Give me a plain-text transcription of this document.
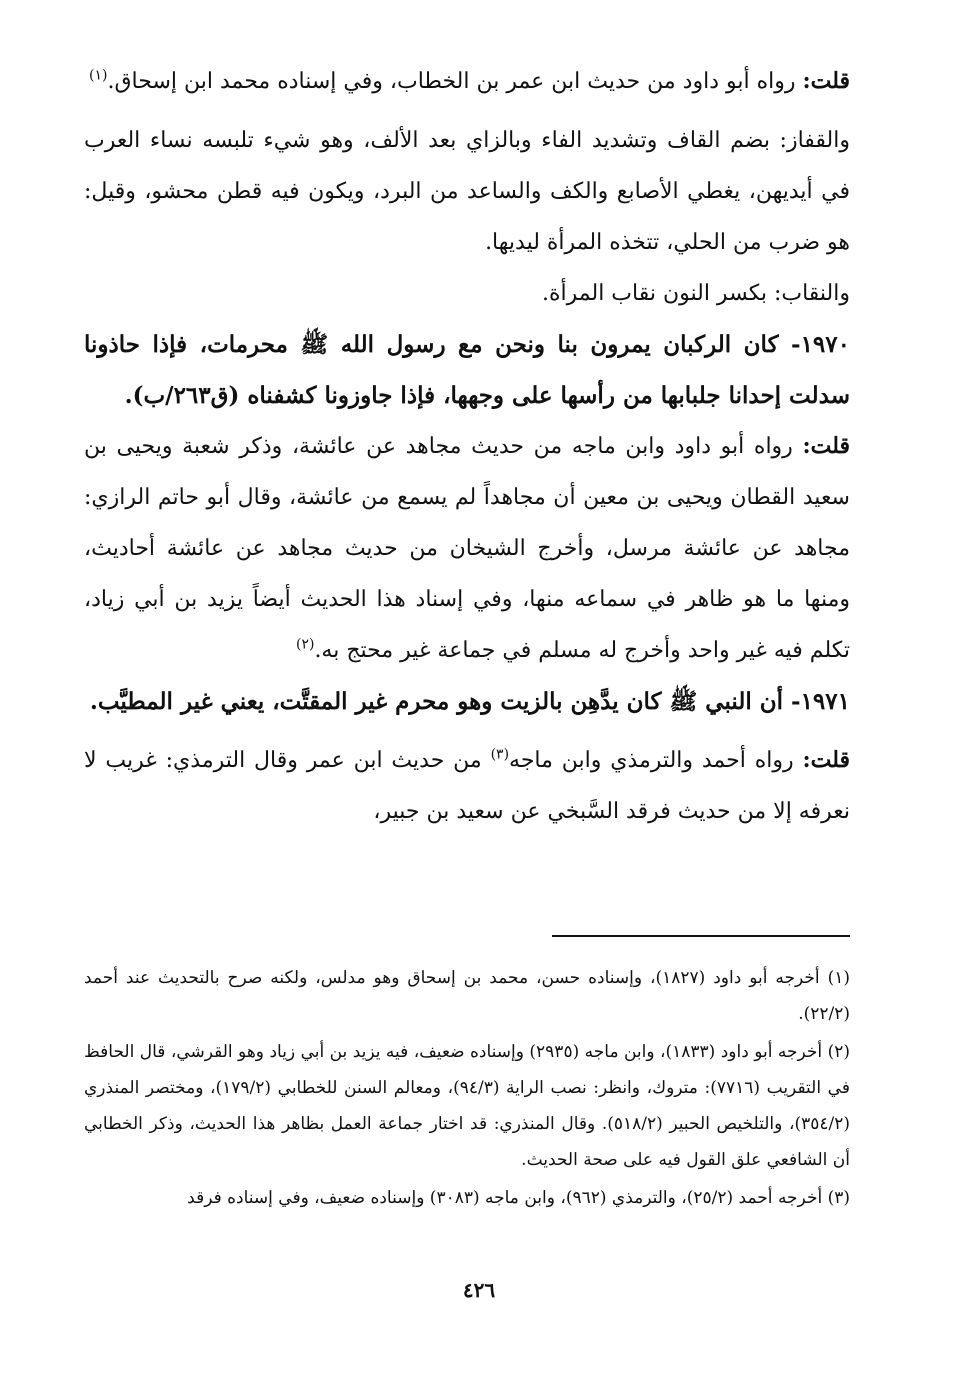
قلت: رواه أبو داود من حديث ابن عمر بن الخطاب، وفي إسناده محمد ابن إسحاق.$^{(١)}$

والقفاز: بضم القاف وتشديد الفاء وبالزاي بعد الألف، وهو شيء تلبسه نساء العرب في أيديهن، يغطي الأصابع والكف والساعد من البرد، ويكون فيه قطن محشو، وقيل: هو ضرب من الحلي، تتخذه المرأة ليديها.

والنقاب: بكسر النون نقاب المرأة.

١٩٧٠- كان الركبان يمرون بنا ونحن مع رسول الله ﷺ محرمات، فإذا حاذونا سدلت إحدانا جلبابها من رأسها على وجهها، فإذا جاوزونا كشفناه (ق٢٦٣/ب).

قلت: رواه أبو داود وابن ماجه من حديث مجاهد عن عائشة، وذكر شعبة ويحيى بن سعيد القطان ويحيى بن معين أن مجاهداً لم يسمع من عائشة، وقال أبو حاتم الرازي: مجاهد عن عائشة مرسل، وأخرج الشيخان من حديث مجاهد عن عائشة أحاديث، ومنها ما هو ظاهر في سماعه منها، وفي إسناد هذا الحديث أيضاً يزيد بن أبي زياد، تكلم فيه غير واحد وأخرج له مسلم في جماعة غير محتج به.$^{(٢)}$

١٩٧١- أن النبي ﷺ كان يدَّهِن بالزيت وهو محرم غير المقتَّت، يعني غير المطيَّب.

قلت: رواه أحمد والترمذي وابن ماجه$^{(٣)}$ من حديث ابن عمر وقال الترمذي: غريب لا نعرفه إلا من حديث فرقد السَّبخي عن سعيد بن جبير،

(١) أخرجه أبو داود (١٨٢٧)، وإسناده حسن، محمد بن إسحاق وهو مدلس، ولكنه صرح بالتحديث عند أحمد (٢٢/٢).

(٢) أخرجه أبو داود (١٨٣٣)، وابن ماجه (٢٩٣٥) وإسناده ضعيف، فيه يزيد بن أبي زياد وهو القرشي، قال الحافظ في التقريب (٧٧١٦): متروك، وانظر: نصب الراية (٩٤/٣)، ومعالم السنن للخطابي (١٧٩/٢)، ومختصر المنذري (٣٥٤/٢)، والتلخيص الحبير (٥١٨/٢). وقال المنذري: قد اختار جماعة العمل بظاهر هذا الحديث، وذكر الخطابي أن الشافعي علق القول فيه على صحة الحديث.

(٣) أخرجه أحمد (٢٥/٢)، والترمذي (٩٦٢)، وابن ماجه (٣٠٨٣) وإسناده ضعيف، وفي إسناده فرقد

٤٢٦
